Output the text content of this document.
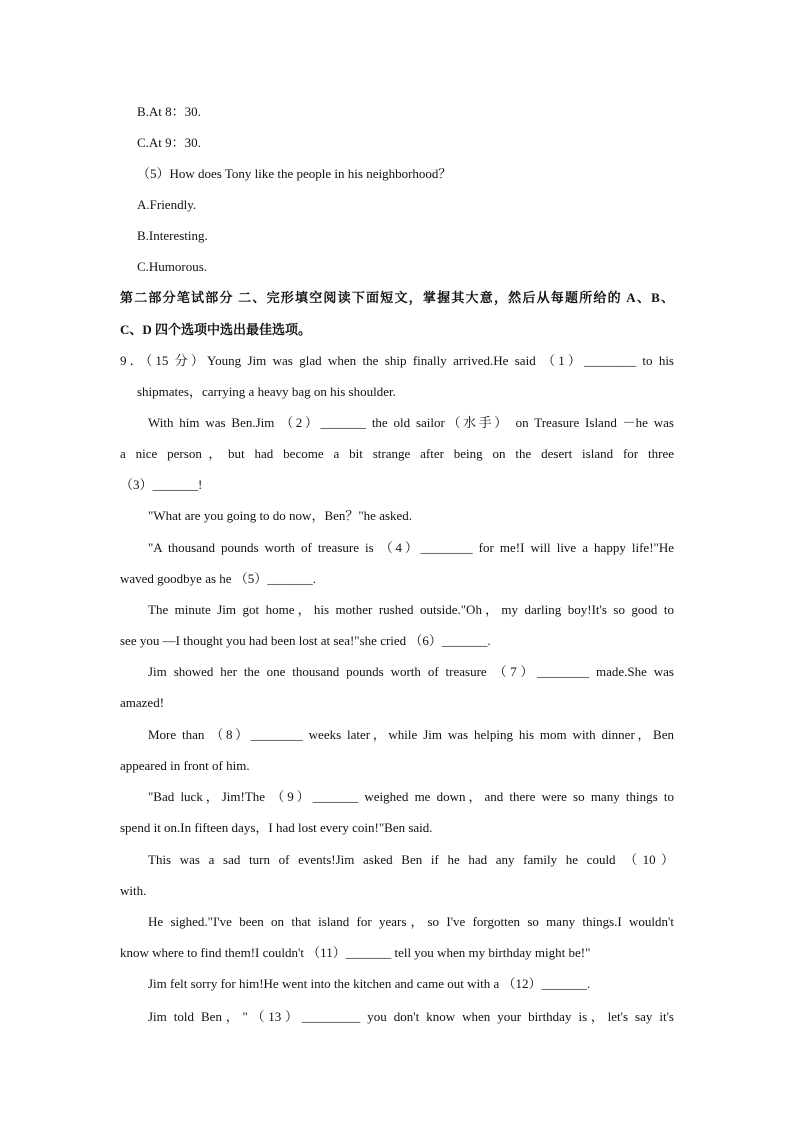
B.At 8：30.
C.At 9：30.
（5）How does Tony like the people in his neighborhood？
A.Friendly.
B.Interesting.
C.Humorous.
第二部分笔试部分 二、完形填空阅读下面短文，掌握其大意，然后从每题所给的 A、B、
C、D 四个选项中选出最佳选项。
9．（15 分）Young Jim was glad when the ship finally arrived.He said （1）________ to his
shipmates，carrying a heavy bag on his shoulder.
With him was Ben.Jim （2）_______ the old sailor（水手） on Treasure Island －he was
a nice person，but had become a bit strange after being on the desert island for three
（3）_______!
"What are you going to do now，Ben？"he asked.
"A thousand pounds worth of treasure is （4）________ for me!I will live a happy life!"He
waved goodbye as he （5）_______.
The minute Jim got home，his mother rushed outside."Oh，my darling boy!It's so good to
see you —I thought you had been lost at sea!"she cried （6）_______.
Jim showed her the one thousand pounds worth of treasure （7）________ made.She was
amazed!
More than （8）________ weeks later，while Jim was helping his mom with dinner，Ben
appeared in front of him.
"Bad luck，Jim!The （9）_______ weighed me down，and there were so many things to
spend it on.In fifteen days，I had lost every coin!"Ben said.
This was a sad turn of events!Jim asked Ben if he had any family he could （10）
with.
He sighed."I've been on that island for years，so I've forgotten so many things.I wouldn't
know where to find them!I couldn't （11）_______ tell you when my birthday might be!"
Jim felt sorry for him!He went into the kitchen and came out with a （12）_______.
Jim told Ben，"（13）_________ you don't know when your birthday is，let's say it's
